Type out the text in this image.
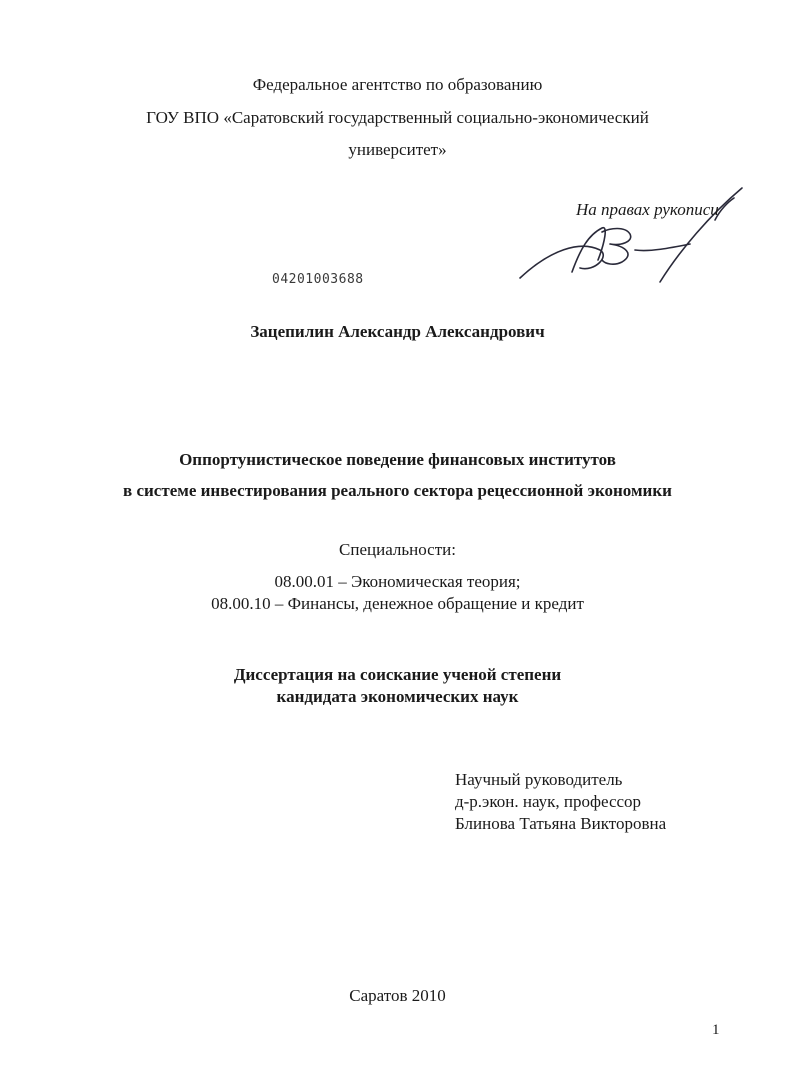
Федеральное агентство по образованию
ГОУ ВПО «Саратовский государственный социально-экономический
университет»
На правах рукописи
04201003688
Зацепилин Александр Александрович
Оппортунистическое поведение финансовых институтов
в системе инвестирования реального сектора рецессионной экономики
Специальности:
08.00.01 – Экономическая теория;
08.00.10 – Финансы, денежное обращение и кредит
Диссертация на соискание ученой степени
кандидата экономических наук
Научный руководитель
д-р.экон. наук, профессор
Блинова Татьяна Викторовна
Саратов 2010
1
